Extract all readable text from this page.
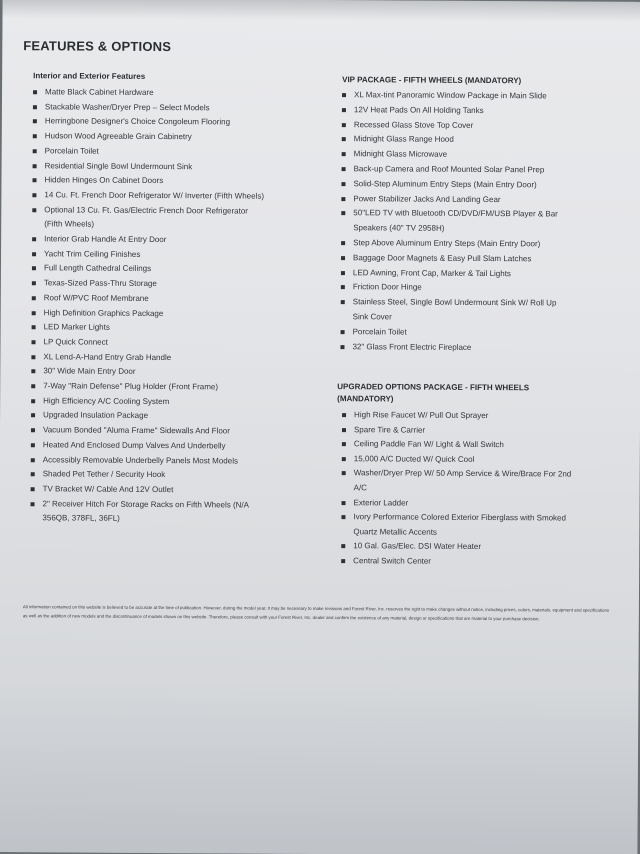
FEATURES & OPTIONS
Interior and Exterior Features
Matte Black Cabinet Hardware
Stackable Washer/Dryer Prep – Select Models
Herringbone Designer's Choice Congoleum Flooring
Hudson Wood Agreeable Grain Cabinetry
Porcelain Toilet
Residential Single Bowl Undermount Sink
Hidden Hinges On Cabinet Doors
14 Cu. Ft. French Door Refrigerator W/ Inverter (Fifth Wheels)
Optional 13 Cu. Ft. Gas/Electric French Door Refrigerator
(Fifth Wheels)
Interior Grab Handle At Entry Door
Yacht Trim Ceiling Finishes
Full Length Cathedral Ceilings
Texas-Sized Pass-Thru Storage
Roof W/PVC Roof Membrane
High Definition Graphics Package
LED Marker Lights
LP Quick Connect
XL Lend-A-Hand Entry Grab Handle
30" Wide Main Entry Door
7-Way "Rain Defense" Plug Holder (Front Frame)
High Efficiency A/C Cooling System
Upgraded Insulation Package
Vacuum Bonded "Aluma Frame" Sidewalls And Floor
Heated And Enclosed Dump Valves And Underbelly
Accessibly Removable Underbelly Panels Most Models
Shaded Pet Tether / Security Hook
TV Bracket W/ Cable And 12V Outlet
2" Receiver Hitch For Storage Racks on Fifth Wheels (N/A
356QB, 378FL, 36FL)
VIP PACKAGE - FIFTH WHEELS (MANDATORY)
XL Max-tint Panoramic Window Package in Main Slide
12V Heat Pads On All Holding Tanks
Recessed Glass Stove Top Cover
Midnight Glass Range Hood
Midnight Glass Microwave
Back-up Camera and Roof Mounted Solar Panel Prep
Solid-Step Aluminum Entry Steps (Main Entry Door)
Power Stabilizer Jacks And Landing Gear
50"LED TV with Bluetooth CD/DVD/FM/USB Player & Bar
Speakers (40" TV 2958H)
Step Above Aluminum Entry Steps (Main Entry Door)
Baggage Door Magnets & Easy Pull Slam Latches
LED Awning, Front Cap, Marker & Tail Lights
Friction Door Hinge
Stainless Steel, Single Bowl Undermount Sink W/ Roll Up
Sink Cover
Porcelain Toilet
32" Glass Front Electric Fireplace
UPGRADED OPTIONS PACKAGE - FIFTH WHEELS
(MANDATORY)
High Rise Faucet W/ Pull Out Sprayer
Spare Tire & Carrier
Ceiling Paddle Fan W/ Light & Wall Switch
15,000 A/C Ducted W/ Quick Cool
Washer/Dryer Prep W/ 50 Amp Service & Wire/Brace For 2nd
A/C
Exterior Ladder
Ivory Performance Colored Exterior Fiberglass with Smoked
Quartz Metallic Accents
10 Gal. Gas/Elec. DSI Water Heater
Central Switch Center
All information contained on this website is believed to be accurate at the time of publication. However, during the model year, it may be necessary to make revisions and Forest River, Inc. reserves the right to make changes without notice, including prices, colors, materials, equipment and specifications as well as the addition of new models and the discontinuance of models shown on this website. Therefore, please consult with your Forest River, Inc. dealer and confirm the existence of any material, design or specifications that are material to your purchase decision.
